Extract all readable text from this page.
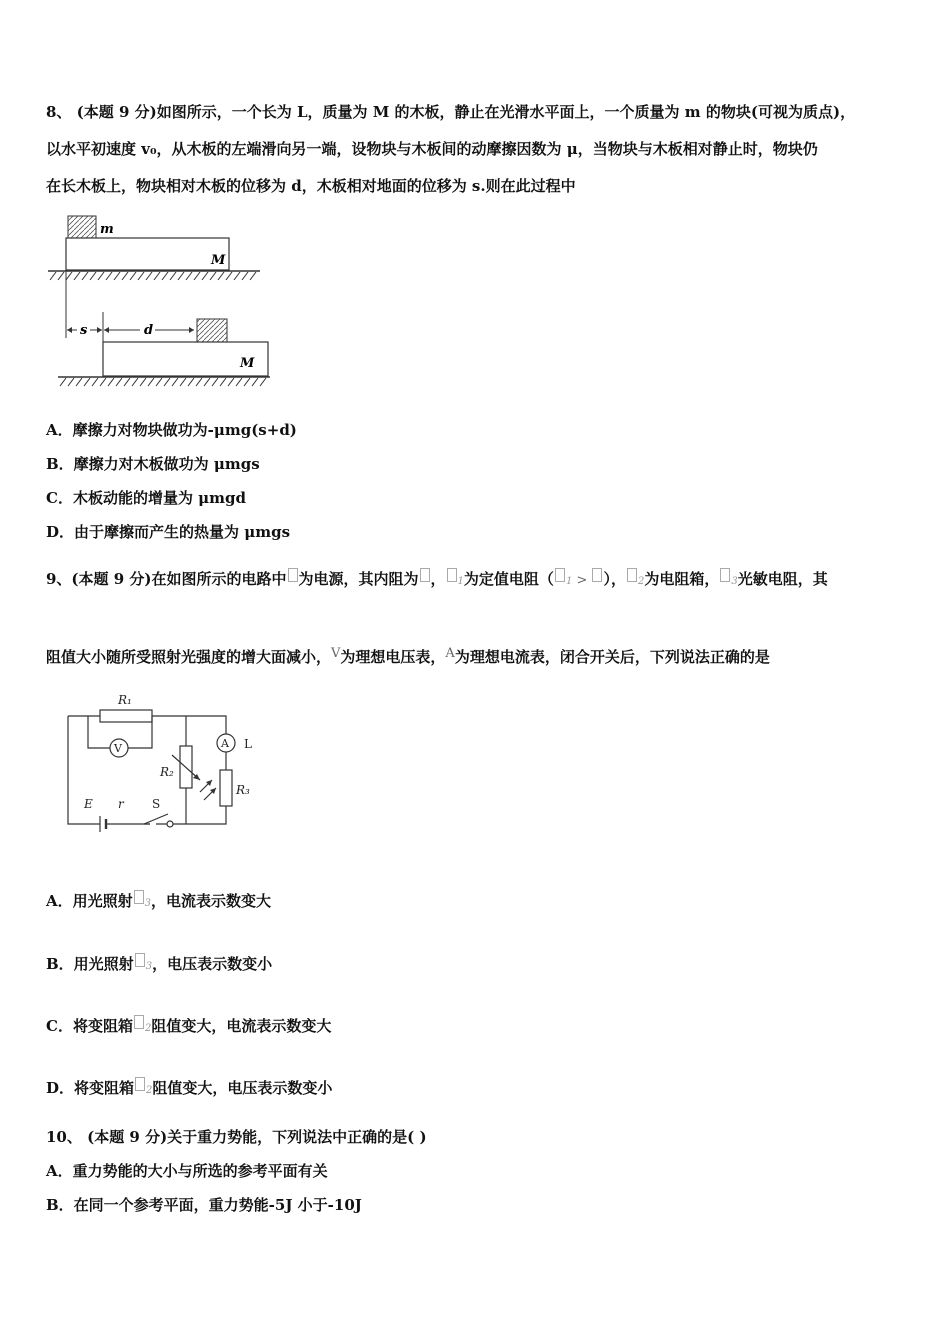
8、 (本题 9 分)如图所示，一个长为 L，质量为 M 的木板，静止在光滑水平面上，一个质量为 m 的物块(可视为质点)，
以水平初速度 v₀，从木板的左端滑向另一端，设物块与木板间的动摩擦因数为 μ，当物块与木板相对静止时，物块仍
在长木板上，物块相对木板的位移为 d，木板相对地面的位移为 s.则在此过程中
m
M
s	d
M
A．摩擦力对物块做功为-μmg(s+d)
B．摩擦力对木板做功为 μmgs
C．木板动能的增量为 μmgd
D．由于摩擦而产生的热量为 μmgs
9、(本题 9 分)在如图所示的电路中 为电源，其内阻为 ， 1为定值电阻（ 1 > ）， 2为电阻箱， 3光敏电阻，其
阻值大小随所受照射光强度的增大面减小，V为理想电压表，A为理想电流表，闭合开关后，下列说法正确的是
R₁
V	A L
R₂
R₃
E r S
A．用光照射 3，电流表示数变大
B．用光照射 3，电压表示数变小
C．将变阻箱 2阻值变大，电流表示数变大
D．将变阻箱 2阻值变大，电压表示数变小
10、 (本题 9 分)关于重力势能，下列说法中正确的是( )
A．重力势能的大小与所选的参考平面有关
B．在同一个参考平面，重力势能-5J 小于-10J
